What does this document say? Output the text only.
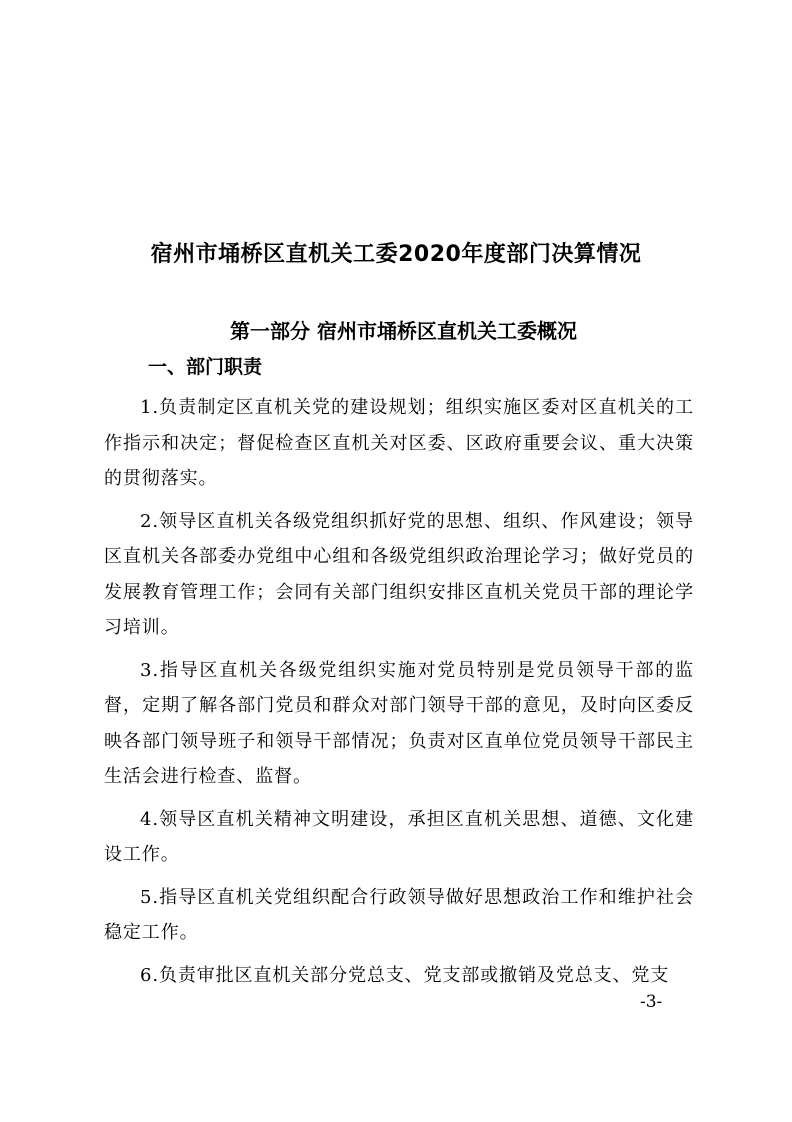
宿州市埇桥区直机关工委2020年度部门决算情况
第一部分 宿州市埇桥区直机关工委概况
一、部门职责

1.负责制定区直机关党的建设规划；组织实施区委对区直机关的工作指示和决定；督促检查区直机关对区委、区政府重要会议、重大决策的贯彻落实。

2.领导区直机关各级党组织抓好党的思想、组织、作风建设；领导区直机关各部委办党组中心组和各级党组织政治理论学习；做好党员的发展教育管理工作；会同有关部门组织安排区直机关党员干部的理论学习培训。

3.指导区直机关各级党组织实施对党员特别是党员领导干部的监督，定期了解各部门党员和群众对部门领导干部的意见，及时向区委反映各部门领导班子和领导干部情况；负责对区直单位党员领导干部民主生活会进行检查、监督。

4.领导区直机关精神文明建设，承担区直机关思想、道德、文化建设工作。

5.指导区直机关党组织配合行政领导做好思想政治工作和维护社会稳定工作。

6.负责审批区直机关部分党总支、党支部或撤销及党总支、党支

-3-
